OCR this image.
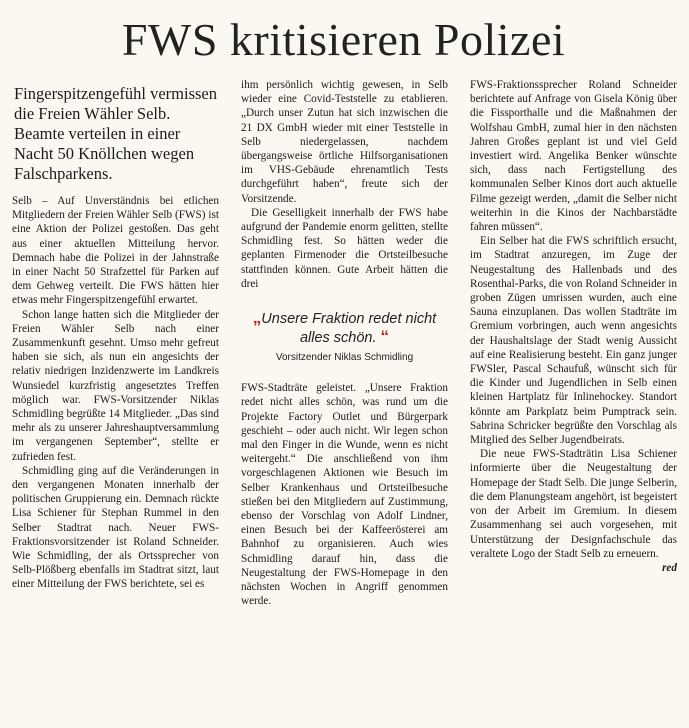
FWS kritisieren Polizei
Fingerspitzengefühl vermissen die Freien Wähler Selb. Beamte verteilen in einer Nacht 50 Knöllchen wegen Falschparkens.

Selb – Auf Unverständnis bei etlichen Mitgliedern der Freien Wähler Selb (FWS) ist eine Aktion der Polizei gestoßen. Das geht aus einer aktuellen Mitteilung hervor. Demnach habe die Polizei in der Jahnstraße in einer Nacht 50 Strafzettel für Parken auf dem Gehweg verteilt. Die FWS hätten hier etwas mehr Fingerspitzengefühl erwartet.

Schon lange hatten sich die Mitglieder der Freien Wähler Selb nach einer Zusammenkunft gesehnt. Umso mehr gefreut haben sie sich, als nun ein angesichts der relativ niedrigen Inzidenzwerte im Landkreis Wunsiedel kurzfristig angesetztes Treffen möglich war. FWS-Vorsitzender Niklas Schmidling begrüßte 14 Mitglieder. „Das sind mehr als zu unserer Jahreshauptversammlung im vergangenen September“, stellte er zufrieden fest.

Schmidling ging auf die Veränderungen in den vergangenen Monaten innerhalb der politischen Gruppierung ein. Demnach rückte Lisa Schiener für Stephan Rummel in den Selber Stadtrat nach. Neuer FWS-Fraktionsvorsitzender ist Roland Schneider. Wie Schmidling, der als Ortssprecher von Selb-Plößberg ebenfalls im Stadtrat sitzt, laut einer Mitteilung der FWS berichtete, sei es

ihm persönlich wichtig gewesen, in Selb wieder eine Covid-Teststelle zu etablieren. „Durch unser Zutun hat sich inzwischen die 21 DX GmbH wieder mit einer Teststelle in Selb niedergelassen, nachdem übergangsweise örtliche Hilfsorganisationen im VHS-Gebäude ehrenamtlich Tests durchgeführt haben“, freute sich der Vorsitzende.

Die Geselligkeit innerhalb der FWS habe aufgrund der Pandemie enorm gelitten, stellte Schmidling fest. So hätten weder die geplanten Firmenoder die Ortsteilbesuche stattfinden können. Gute Arbeit hätten die drei

„Unsere Fraktion redet nicht alles schön. “
Vorsitzender Niklas Schmidling

FWS-Stadträte geleistet. „Unsere Fraktion redet nicht alles schön, was rund um die Projekte Factory Outlet und Bürgerpark geschieht – oder auch nicht. Wir legen schon mal den Finger in die Wunde, wenn es nicht weitergeht.“ Die anschließend von ihm vorgeschlagenen Aktionen wie Besuch im Selber Krankenhaus und Ortsteilbesuche stießen bei den Mitgliedern auf Zustimmung, ebenso der Vorschlag von Adolf Lindner, einen Besuch bei der Kaffeerösterei am Bahnhof zu organisieren. Auch wies Schmidling darauf hin, dass die Neugestaltung der FWS-Homepage in den nächsten Wochen in Angriff genommen werde.

FWS-Fraktionssprecher Roland Schneider berichtete auf Anfrage von Gisela König über die Fissporthalle und die Maßnahmen der Wolfshau GmbH, zumal hier in den nächsten Jahren Großes geplant ist und viel Geld investiert wird. Angelika Benker wünschte sich, dass nach Fertigstellung des kommunalen Selber Kinos dort auch aktuelle Filme gezeigt werden, „damit die Selber nicht weiterhin in die Kinos der Nachbarstädte fahren müssen“.

Ein Selber hat die FWS schriftlich ersucht, im Stadtrat anzuregen, im Zuge der Neugestaltung des Hallenbads und des Rosenthal-Parks, die von Roland Schneider in groben Zügen umrissen wurden, auch eine Sauna einzuplanen. Das wollen Stadträte im Gremium vorbringen, auch wenn angesichts der Haushaltslage der Stadt wenig Aussicht auf eine Realisierung besteht. Ein ganz junger FWSler, Pascal Schaufuß, wünscht sich für die Kinder und Jugendlichen in Selb einen kleinen Hartplatz für Inlinehockey. Standort könnte am Parkplatz beim Pumptrack sein. Sabrina Schricker begrüßte den Vorschlag als Mitglied des Selber Jugendbeirats.

Die neue FWS-Stadträtin Lisa Schiener informierte über die Neugestaltung der Homepage der Stadt Selb. Die junge Selberin, die dem Planungsteam angehört, ist begeistert von der Arbeit im Gremium. In diesem Zusammenhang sei auch vorgesehen, mit Unterstützung der Designfachschule das veraltete Logo der Stadt Selb zu erneuern.
red
